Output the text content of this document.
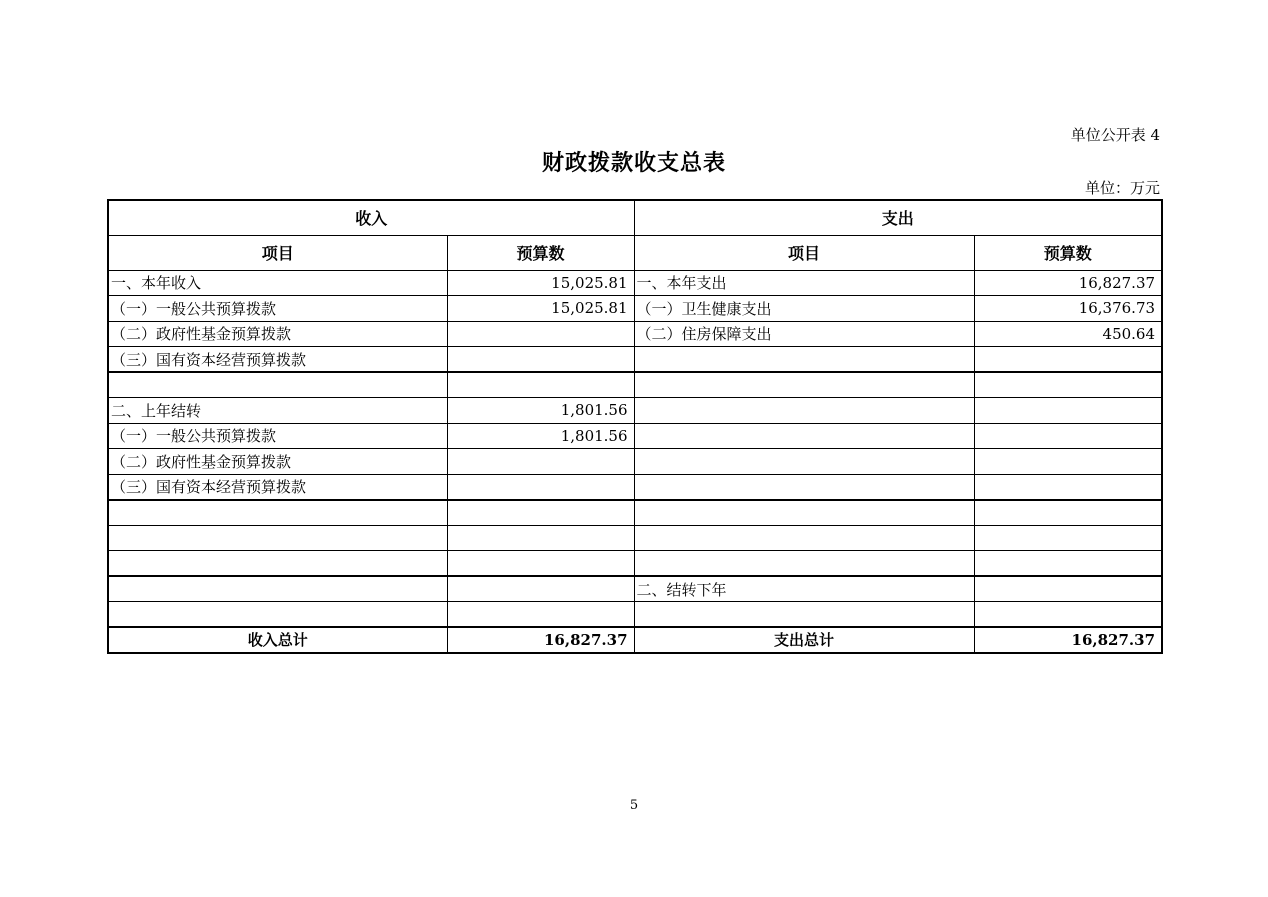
单位公开表 4
财政拨款收支总表
单位：万元
收入		支出	
项目	预算数	项目	预算数
一、本年收入	15,025.81	一、本年支出	16,827.37
（一）一般公共预算拨款	15,025.81	（一）卫生健康支出	16,376.73
（二）政府性基金预算拨款		（二）住房保障支出	450.64
（三）国有资本经营预算拨款			

二、上年结转	1,801.56		
（一）一般公共预算拨款	1,801.56		
（二）政府性基金预算拨款			
（三）国有资本经营预算拨款			

		二、结转下年	

收入总计	16,827.37	支出总计	16,827.37
5
